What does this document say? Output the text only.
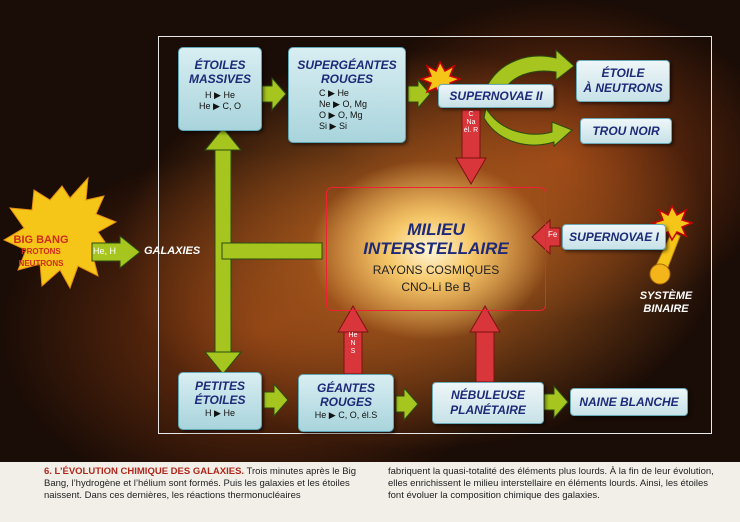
BIG BANG
PROTONS
NEUTRONS
He, H	GALAXIES
ÉTOILES
MASSIVES
H ▶ He
He ▶ C, O
SUPERGÉANTES
ROUGES
C ▶ He
Ne ▶ O, Mg
O ▶ O, Mg
Si ▶ Si
SUPERNOVAE II
C
Na
él. R
ÉTOILE
À NEUTRONS
TROU NOIR
MILIEU
INTERSTELLAIRE
RAYONS COSMIQUES
CNO-Li Be B
Fe SUPERNOVAE I
SYSTÈME
BINAIRE
PETITES
ÉTOILES
H ▶ He
GÉANTES
ROUGES
He ▶ C, O, él.S
He
N
S
NÉBULEUSE
PLANÉTAIRE
NAINE BLANCHE
6. L’ÉVOLUTION CHIMIQUE DES GALAXIES. Trois minutes après le Big Bang, l’hydrogène et l’hélium sont formés. Puis les galaxies et les étoiles naissent. Dans ces dernières, les réactions thermonucléaires
fabriquent la quasi-totalité des éléments plus lourds. À la fin de leur évolution, elles enrichissent le milieu interstellaire en éléments lourds. Ainsi, les étoiles font évoluer la composition chimique des galaxies.
